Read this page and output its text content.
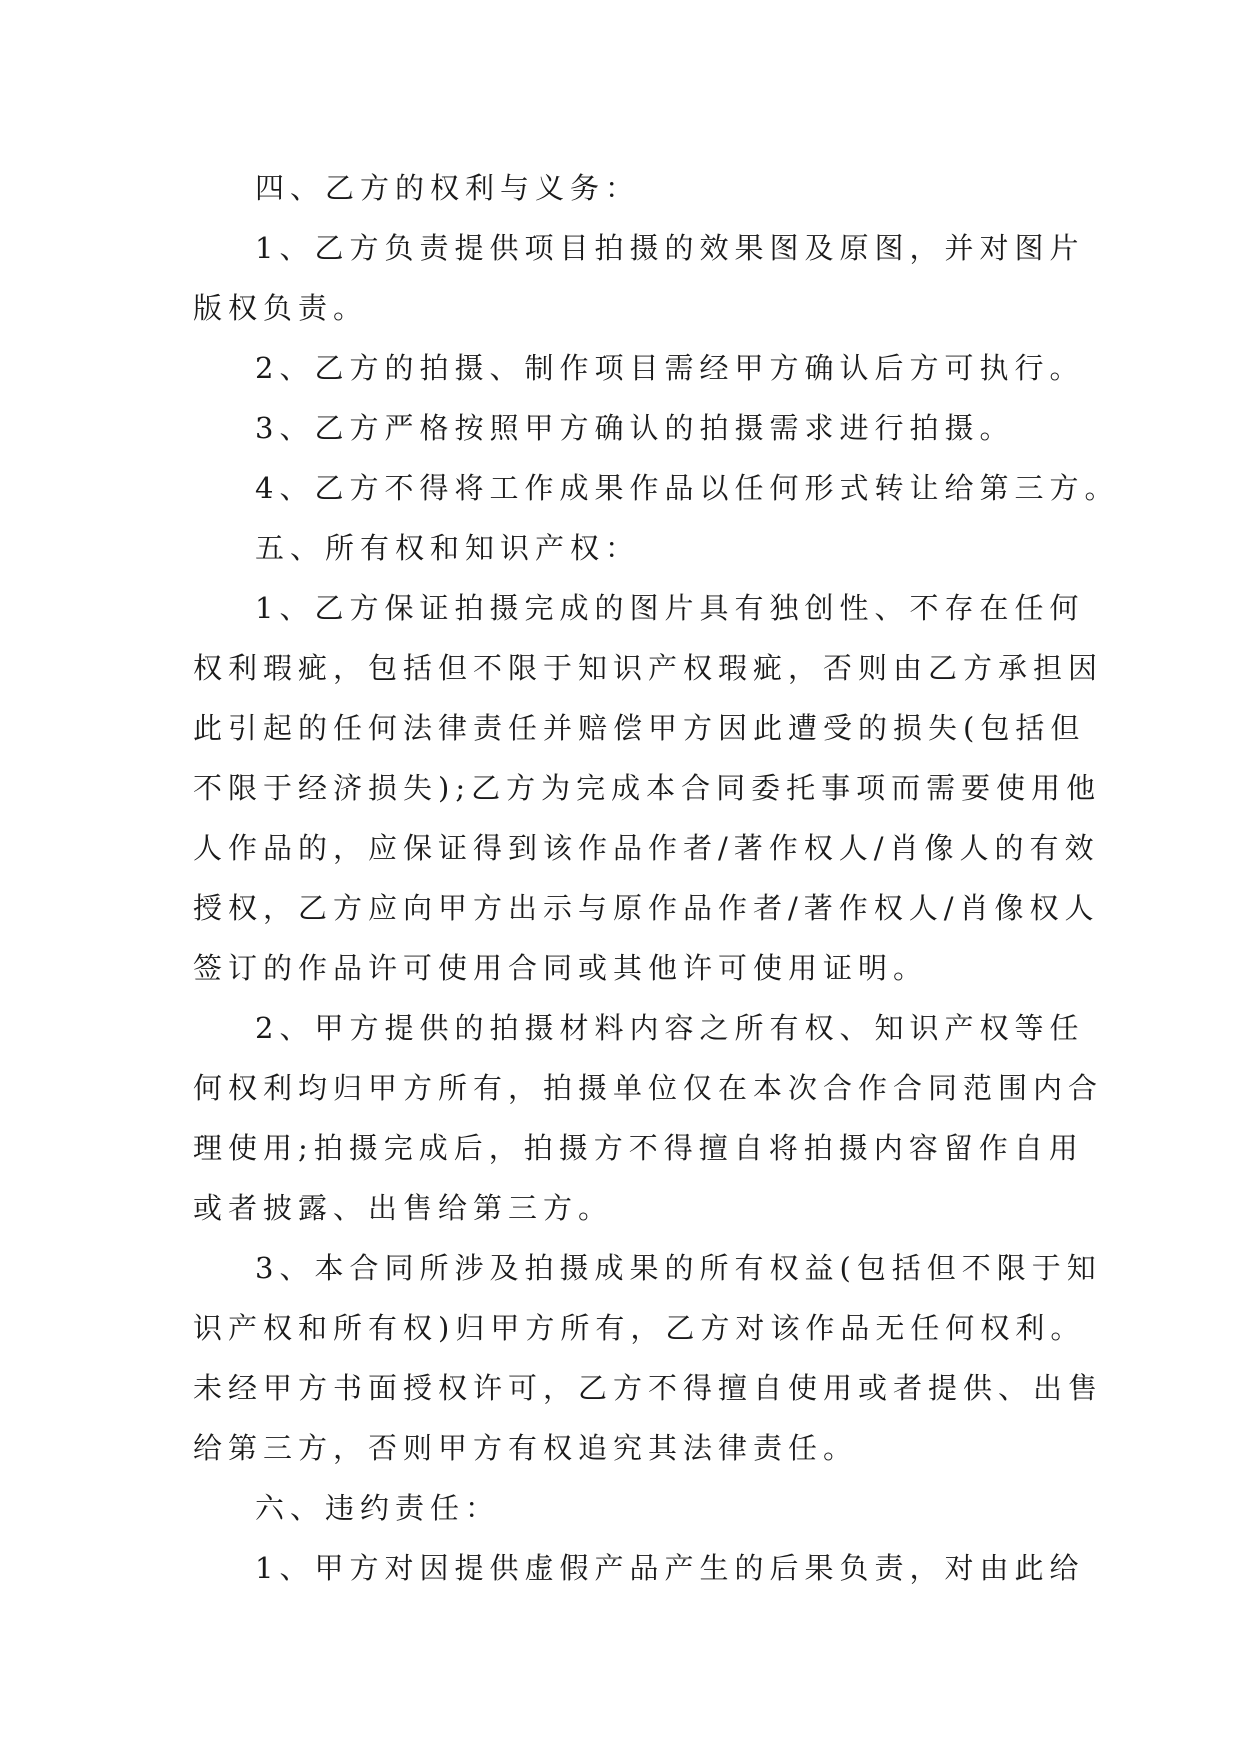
四、乙方的权利与义务：
1、乙方负责提供项目拍摄的效果图及原图，并对图片
版权负责。
2、乙方的拍摄、制作项目需经甲方确认后方可执行。
3、乙方严格按照甲方确认的拍摄需求进行拍摄。
4、乙方不得将工作成果作品以任何形式转让给第三方。
五、所有权和知识产权：
1、乙方保证拍摄完成的图片具有独创性、不存在任何
权利瑕疵，包括但不限于知识产权瑕疵，否则由乙方承担因
此引起的任何法律责任并赔偿甲方因此遭受的损失(包括但
不限于经济损失);乙方为完成本合同委托事项而需要使用他
人作品的，应保证得到该作品作者/著作权人/肖像人的有效
授权，乙方应向甲方出示与原作品作者/著作权人/肖像权人
签订的作品许可使用合同或其他许可使用证明。
2、甲方提供的拍摄材料内容之所有权、知识产权等任
何权利均归甲方所有，拍摄单位仅在本次合作合同范围内合
理使用;拍摄完成后，拍摄方不得擅自将拍摄内容留作自用
或者披露、出售给第三方。
3、本合同所涉及拍摄成果的所有权益(包括但不限于知
识产权和所有权)归甲方所有，乙方对该作品无任何权利。
未经甲方书面授权许可，乙方不得擅自使用或者提供、出售
给第三方，否则甲方有权追究其法律责任。
六、违约责任：
1、甲方对因提供虚假产品产生的后果负责，对由此给
